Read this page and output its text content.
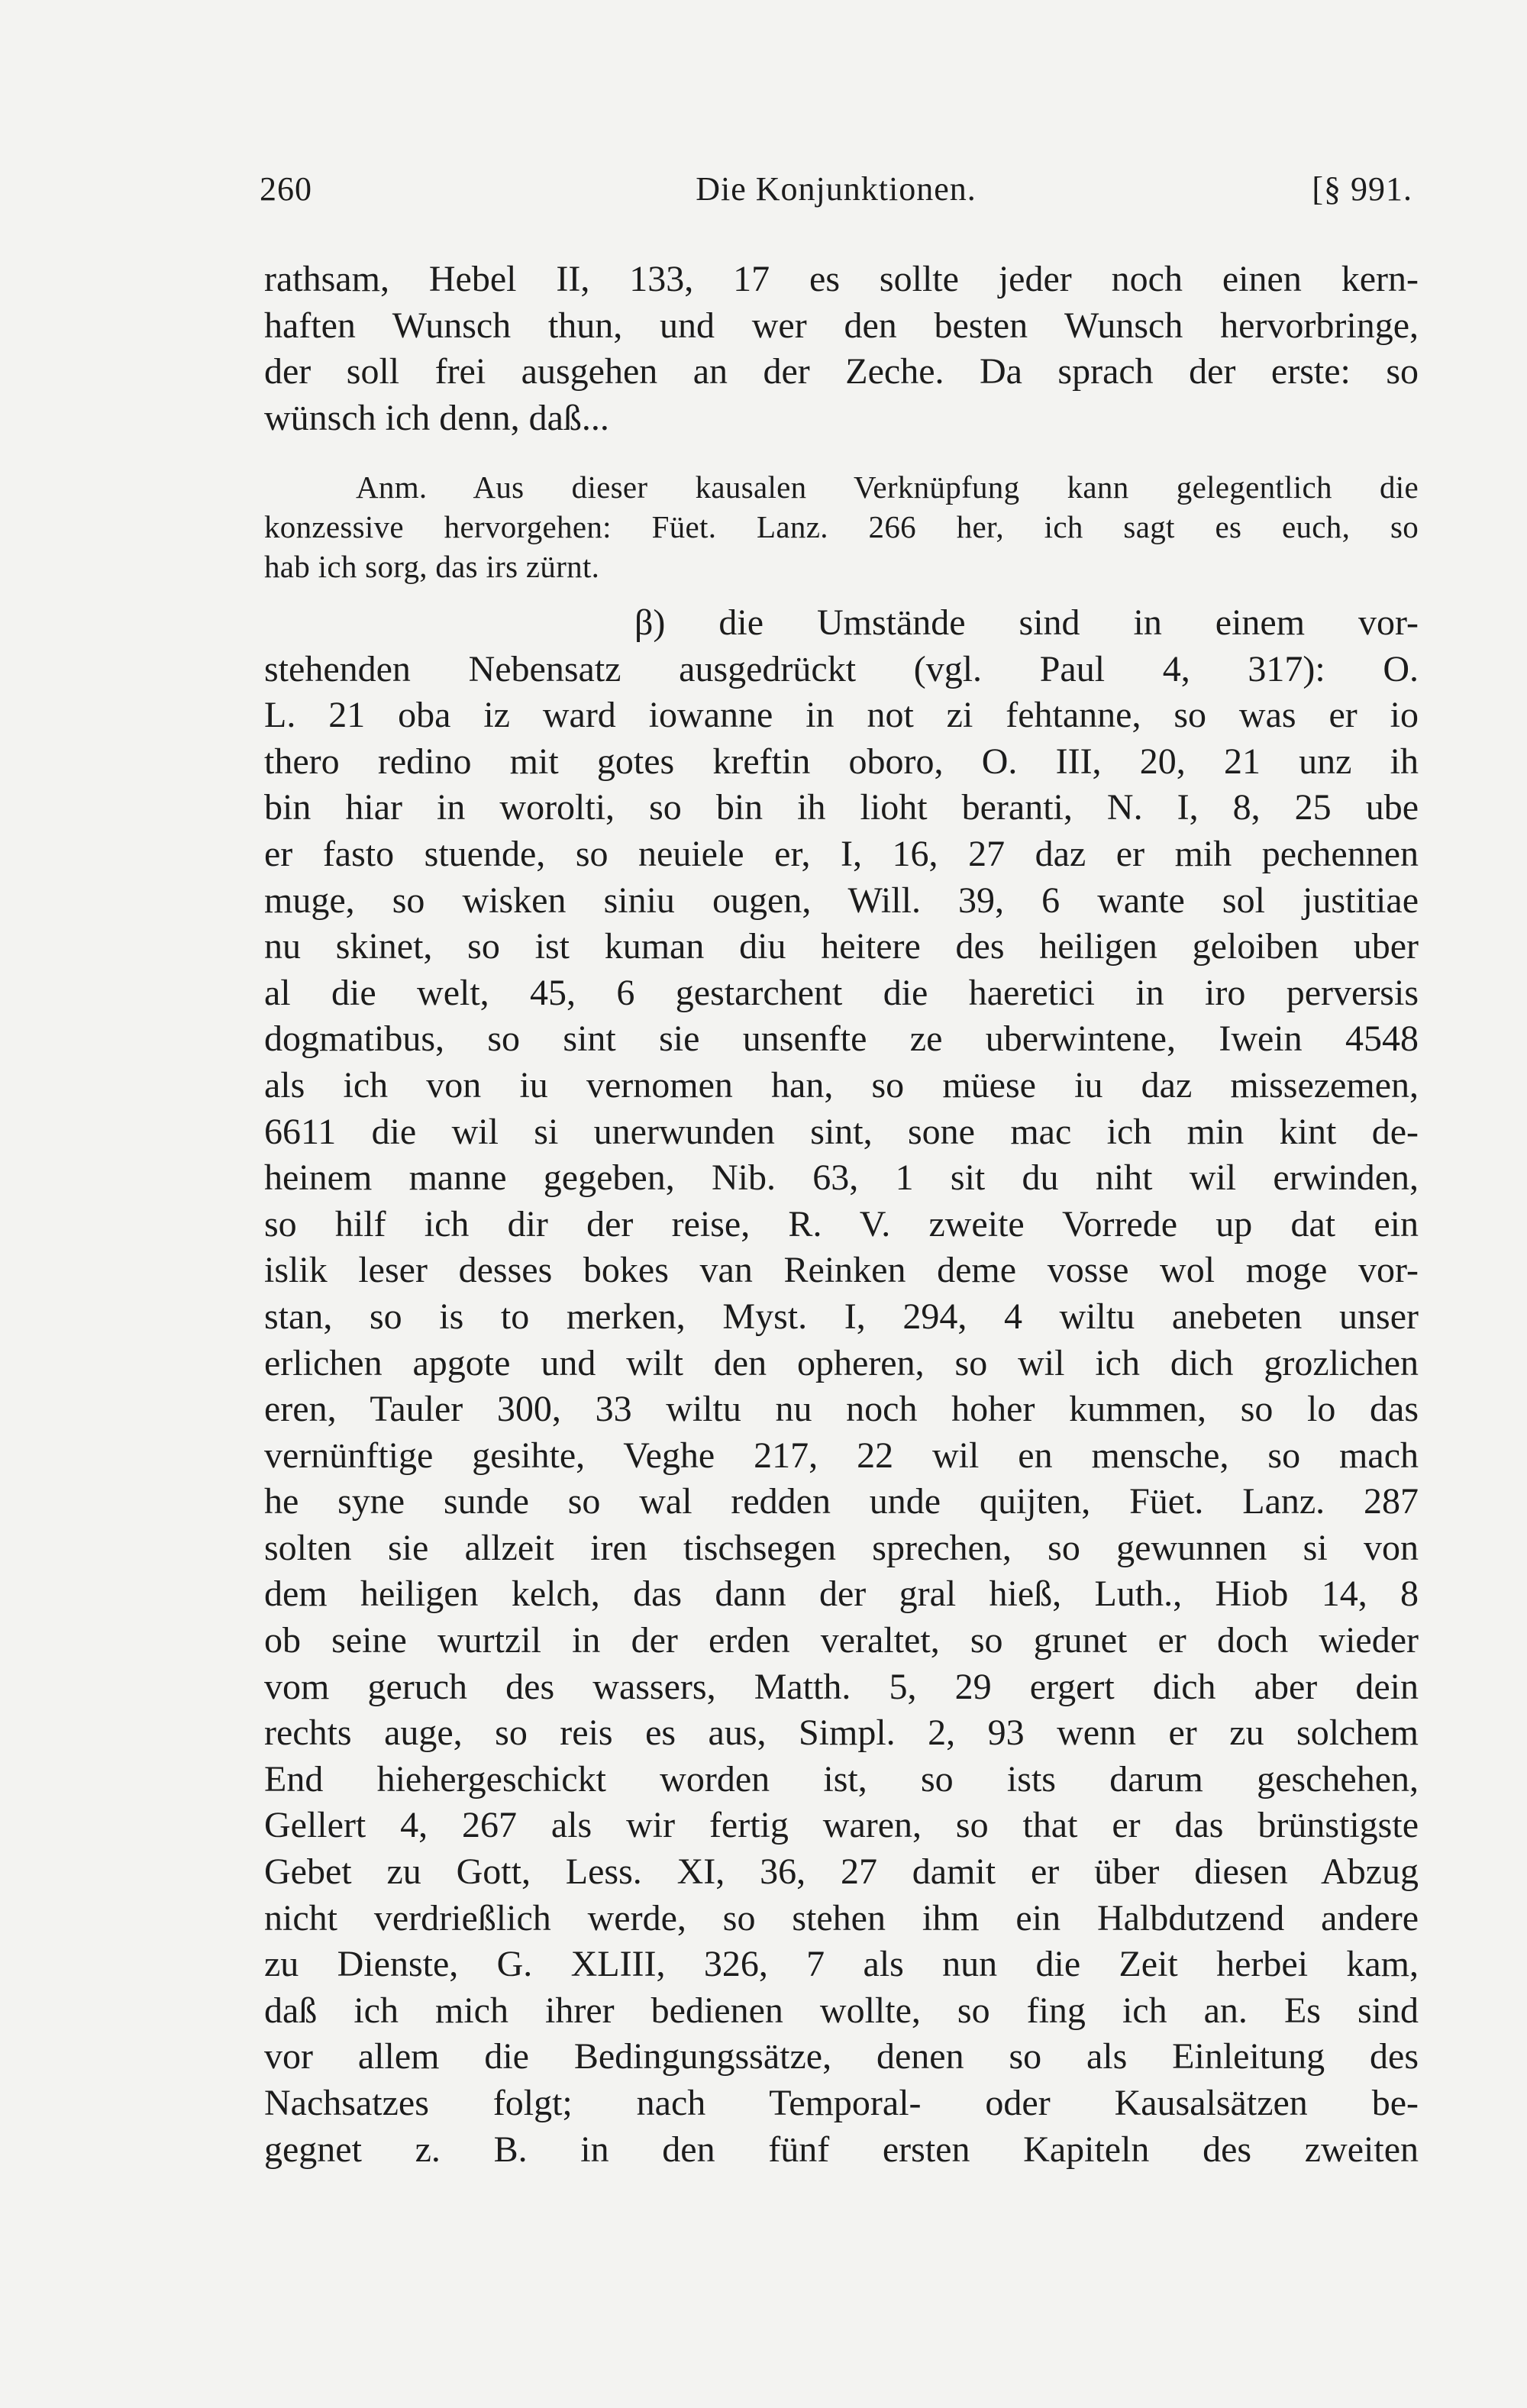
260	Die Konjunktionen.	[§ 991.
rathsam, Hebel II, 133, 17 es sollte jeder noch einen kern-
haften Wunsch thun, und wer den besten Wunsch hervorbringe,
der soll frei ausgehen an der Zeche. Da sprach der erste: so
wünsch ich denn, daß...
Anm. Aus dieser kausalen Verknüpfung kann gelegentlich die
konzessive hervorgehen: Füet. Lanz. 266 her, ich sagt es euch, so
hab ich sorg, das irs zürnt.
β) die Umstände sind in einem vor-
stehenden Nebensatz ausgedrückt (vgl. Paul 4, 317): O.
L. 21 oba iz ward iowanne in not zi fehtanne, so was er io
thero redino mit gotes kreftin oboro, O. III, 20, 21 unz ih
bin hiar in worolti, so bin ih lioht beranti, N. I, 8, 25 ube
er fasto stuende, so neuiele er, I, 16, 27 daz er mih pechennen
muge, so wisken siniu ougen, Will. 39, 6 wante sol justitiae
nu skinet, so ist kuman diu heitere des heiligen geloiben uber
al die welt, 45, 6 gestarchent die haeretici in iro perversis
dogmatibus, so sint sie unsenfte ze uberwintene, Iwein 4548
als ich von iu vernomen han, so müese iu daz missezemen,
6611 die wil si unerwunden sint, sone mac ich min kint de-
heinem manne gegeben, Nib. 63, 1 sit du niht wil erwinden,
so hilf ich dir der reise, R. V. zweite Vorrede up dat ein
islik leser desses bokes van Reinken deme vosse wol moge vor-
stan, so is to merken, Myst. I, 294, 4 wiltu anebeten unser
erlichen apgote und wilt den opheren, so wil ich dich grozlichen
eren, Tauler 300, 33 wiltu nu noch hoher kummen, so lo das
vernünftige gesihte, Veghe 217, 22 wil en mensche, so mach
he syne sunde so wal redden unde quijten, Füet. Lanz. 287
solten sie allzeit iren tischsegen sprechen, so gewunnen si von
dem heiligen kelch, das dann der gral hieß, Luth., Hiob 14, 8
ob seine wurtzil in der erden veraltet, so grunet er doch wieder
vom geruch des wassers, Matth. 5, 29 ergert dich aber dein
rechts auge, so reis es aus, Simpl. 2, 93 wenn er zu solchem
End hiehergeschickt worden ist, so ists darum geschehen,
Gellert 4, 267 als wir fertig waren, so that er das brünstigste
Gebet zu Gott, Less. XI, 36, 27 damit er über diesen Abzug
nicht verdrießlich werde, so stehen ihm ein Halbdutzend andere
zu Dienste, G. XLIII, 326, 7 als nun die Zeit herbei kam,
daß ich mich ihrer bedienen wollte, so fing ich an. Es sind
vor allem die Bedingungssätze, denen so als Einleitung des
Nachsatzes folgt; nach Temporal- oder Kausalsätzen be-
gegnet z. B. in den fünf ersten Kapiteln des zweiten
